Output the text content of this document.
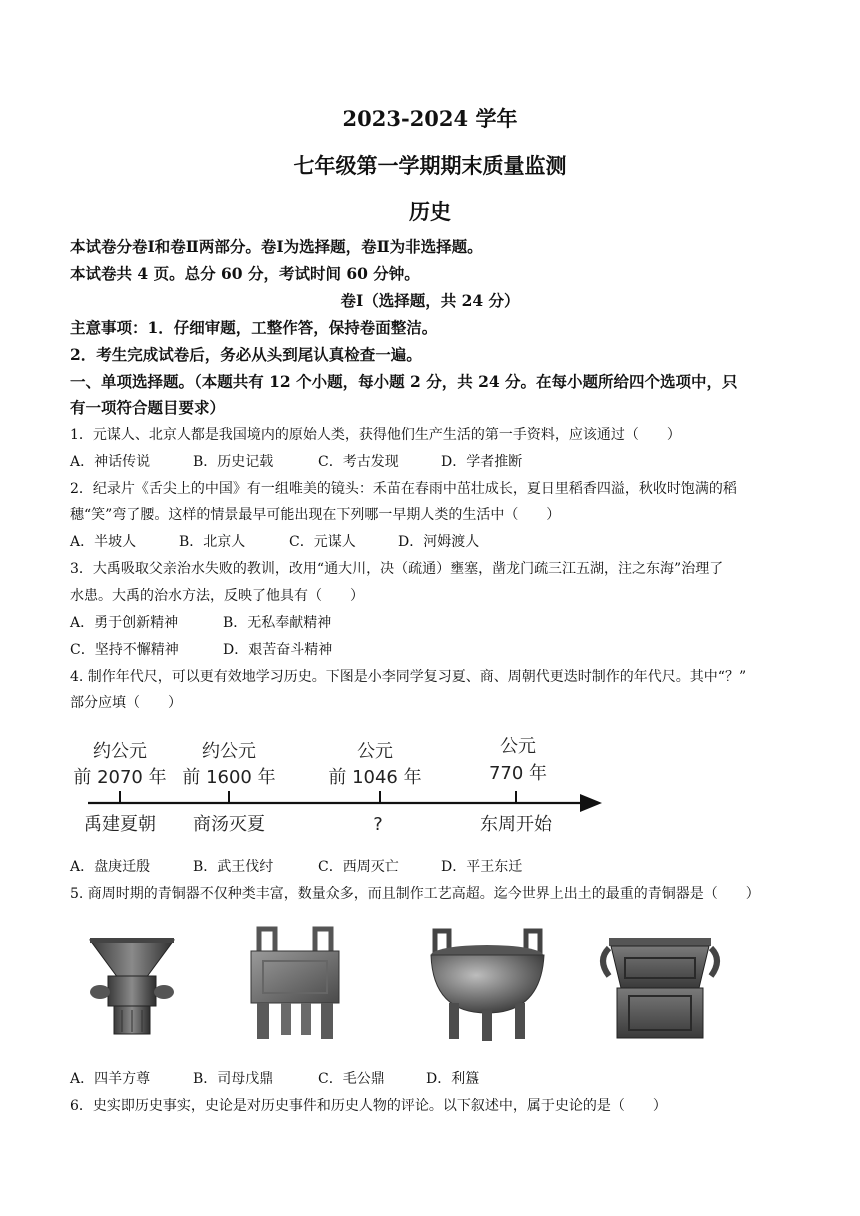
2023-2024 学年
七年级第一学期期末质量监测
历史
本试卷分卷Ⅰ和卷Ⅱ两部分。卷Ⅰ为选择题，卷Ⅱ为非选择题。
本试卷共 4 页。总分 60 分，考试时间 60 分钟。
卷Ⅰ（选择题，共 24 分）
主意事项：1．仔细审题，工整作答，保持卷面整洁。
2．考生完成试卷后，务必从头到尾认真检查一遍。
一、单项选择题。（本题共有 12 个小题，每小题 2 分，共 24 分。在每小题所给四个选项中，只
有一项符合题目要求）
1．元谋人、北京人都是我国境内的原始人类，获得他们生产生活的第一手资料，应该通过（　　）
A．神话传说	B．历史记载	C．考古发现	D．学者推断
2．纪录片《舌尖上的中国》有一组唯美的镜头：禾苗在春雨中茁壮成长，夏日里稻香四溢，秋收时饱满的稻
穗“笑”弯了腰。这样的情景最早可能出现在下列哪一早期人类的生活中（　　）
A．半坡人	B．北京人	C．元谋人	D．河姆渡人
3．大禹吸取父亲治水失败的教训，改用“通大川，决（疏通）壅塞，凿龙门疏三江五湖，注之东海”治理了
水患。大禹的治水方法，反映了他具有（　　）
A．勇于创新精神	B．无私奉献精神
C．坚持不懈精神	D．艰苦奋斗精神
4. 制作年代尺，可以更有效地学习历史。下图是小李同学复习夏、商、周朝代更迭时制作的年代尺。其中“？”
部分应填（　　）
约公元
前 2070 年
禹建夏朝
约公元
前 1600 年
商汤灭夏
公元
前 1046 年
?
公元
770 年
东周开始
A．盘庚迁殷	B．武王伐纣	C．西周灭亡	D．平王东迁
5. 商周时期的青铜器不仅种类丰富，数量众多，而且制作工艺高超。迄今世界上出土的最重的青铜器是（　　）
A．四羊方尊	B．司母戊鼎	C．毛公鼎	D．利簋
6．史实即历史事实，史论是对历史事件和历史人物的评论。以下叙述中，属于史论的是（　　）
